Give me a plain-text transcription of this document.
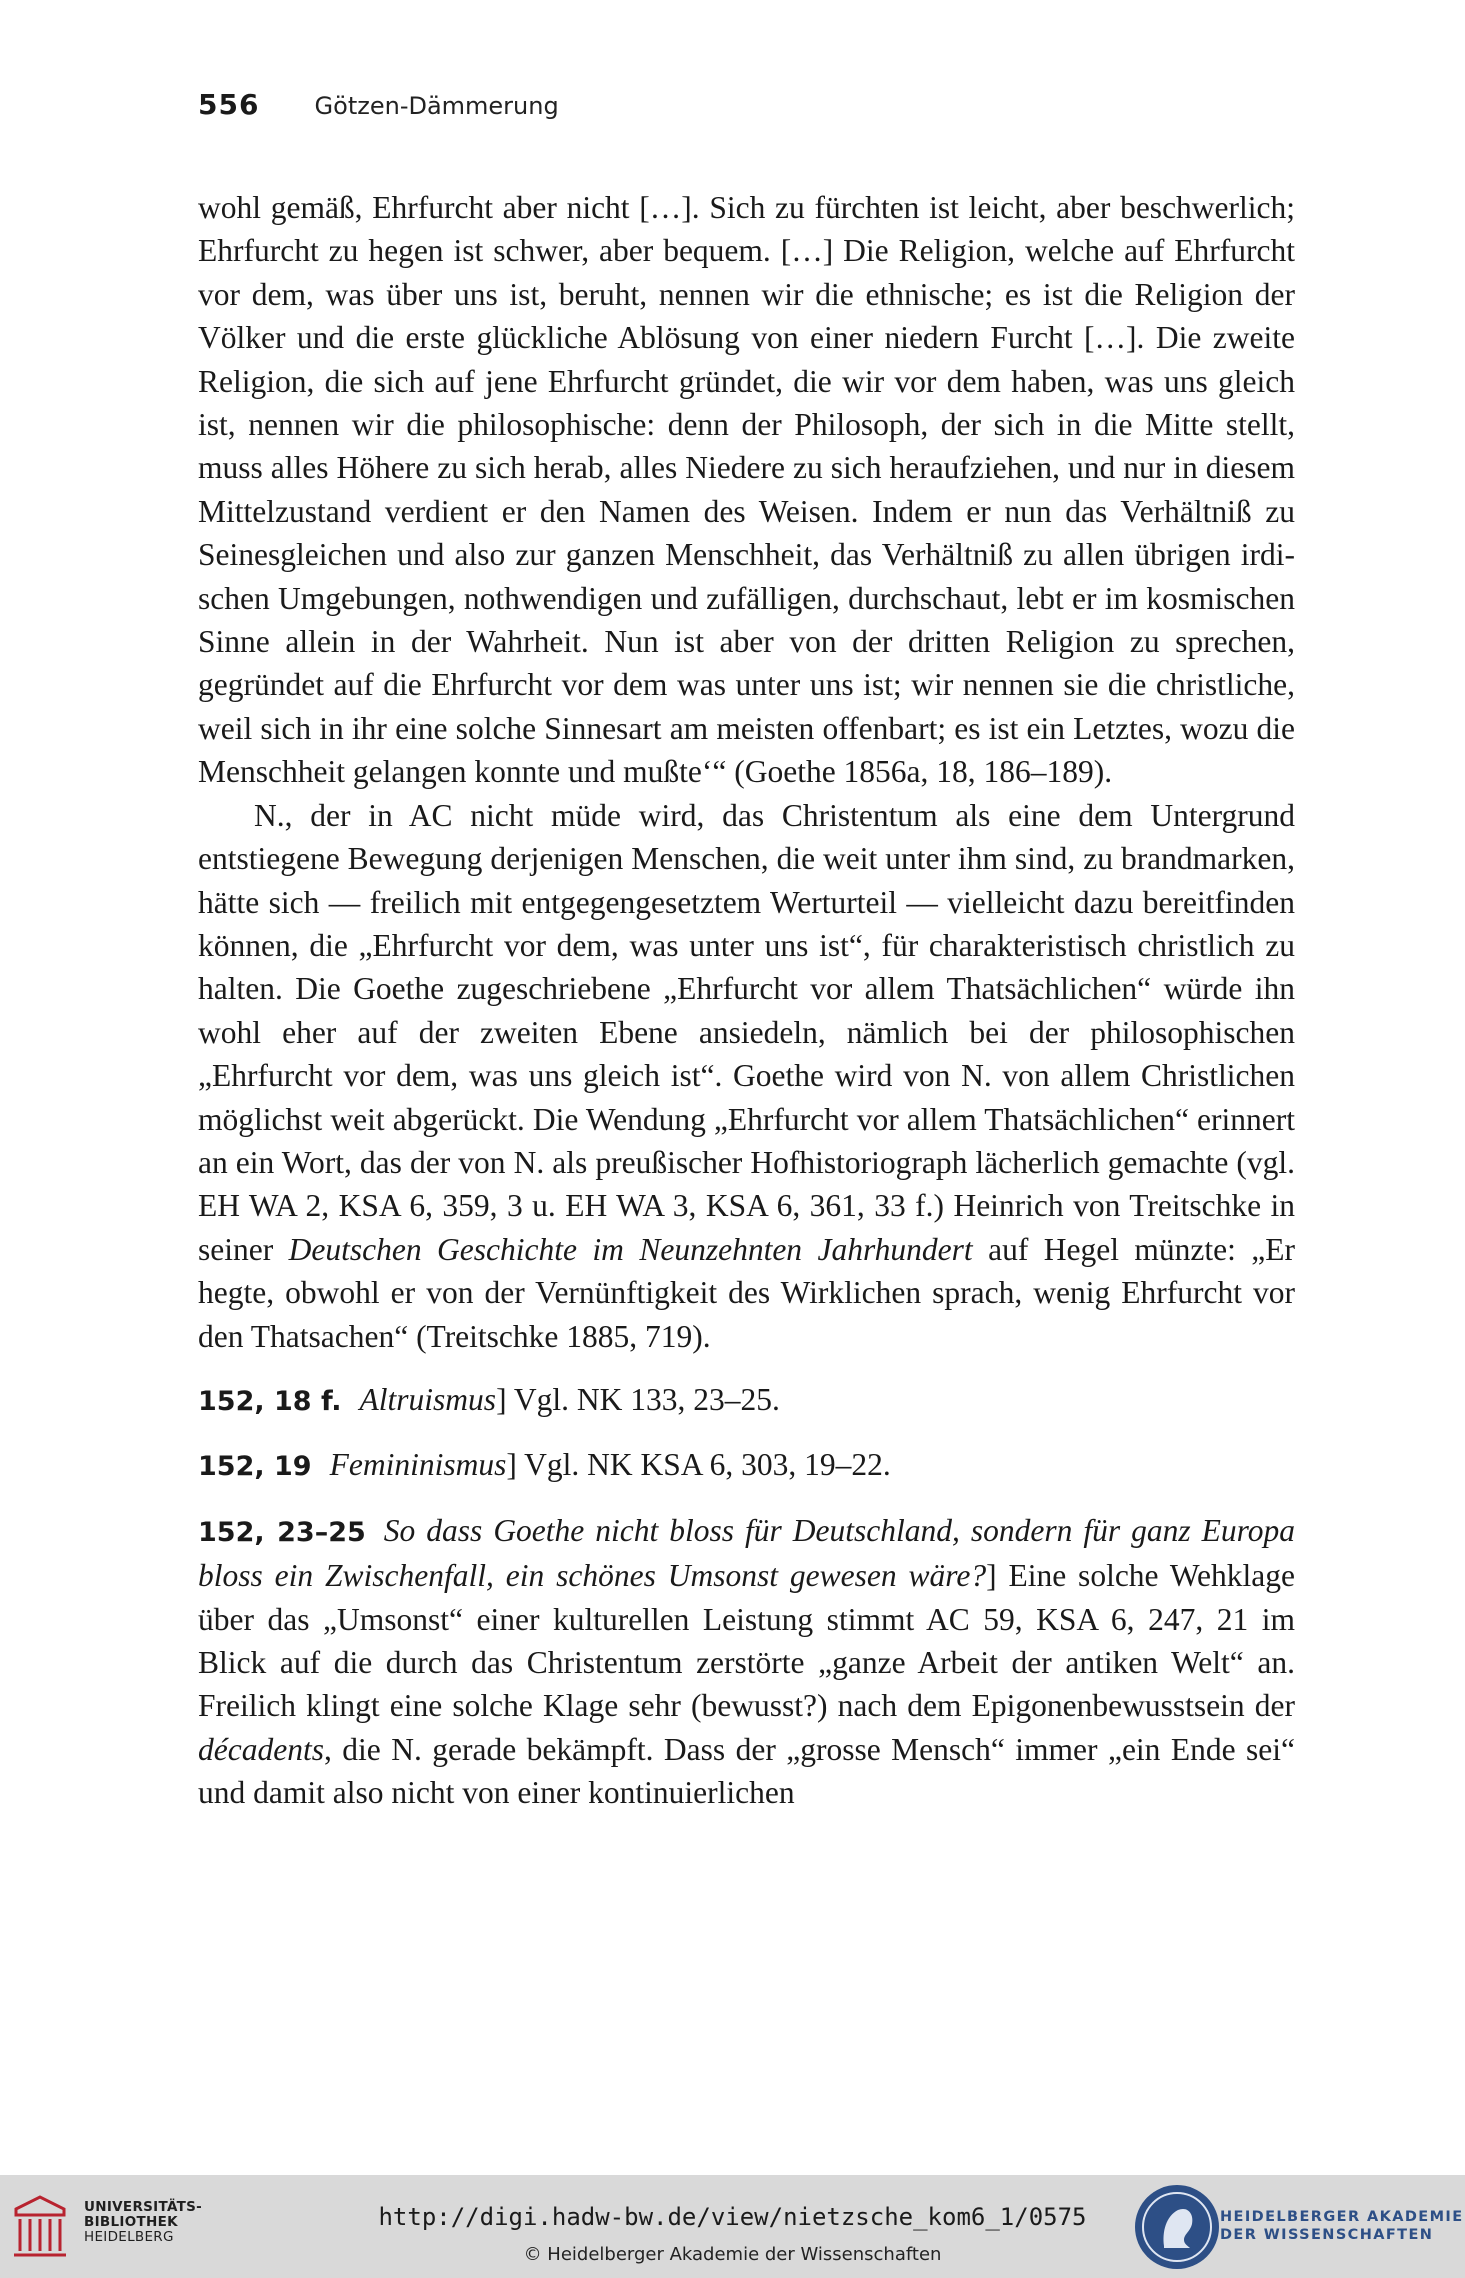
556 Götzen-Dämmerung

wohl gemäß, Ehrfurcht aber nicht […]. Sich zu fürchten ist leicht, aber beschwerlich; Ehrfurcht zu hegen ist schwer, aber bequem. […] Die Religion, welche auf Ehrfurcht vor dem, was über uns ist, beruht, nennen wir die ethnische; es ist die Religion der Völker und die erste glückliche Ablösung von einer niedern Furcht […]. Die zweite Religion, die sich auf jene Ehrfurcht gründet, die wir vor dem haben, was uns gleich ist, nennen wir die philosophische: denn der Philosoph, der sich in die Mitte stellt, muss alles Höhere zu sich herab, alles Niedere zu sich heraufziehen, und nur in diesem Mittelzustand verdient er den Namen des Weisen. Indem er nun das Verhältniß zu Seinesgleichen und also zur ganzen Menschheit, das Verhältniß zu allen übrigen irdischen Umgebungen, nothwendigen und zufälligen, durchschaut, lebt er im kosmischen Sinne allein in der Wahrheit. Nun ist aber von der dritten Religion zu sprechen, gegründet auf die Ehrfurcht vor dem was unter uns ist; wir nennen sie die christliche, weil sich in ihr eine solche Sinnesart am meisten offenbart; es ist ein Letztes, wozu die Menschheit gelangen konnte und mußte‘“ (Goethe 1856a, 18, 186–189).

N., der in AC nicht müde wird, das Christentum als eine dem Untergrund entstiegene Bewegung derjenigen Menschen, die weit unter ihm sind, zu brandmarken, hätte sich — freilich mit entgegengesetztem Werturteil — vielleicht dazu bereitfinden können, die „Ehrfurcht vor dem, was unter uns ist“, für charakteristisch christlich zu halten. Die Goethe zugeschriebene „Ehrfurcht vor allem Thatsächlichen“ würde ihn wohl eher auf der zweiten Ebene ansiedeln, nämlich bei der philosophischen „Ehrfurcht vor dem, was uns gleich ist“. Goethe wird von N. von allem Christlichen möglichst weit abgerückt. Die Wendung „Ehrfurcht vor allem Thatsächlichen“ erinnert an ein Wort, das der von N. als preußischer Hofhistoriograph lächerlich gemachte (vgl. EH WA 2, KSA 6, 359, 3 u. EH WA 3, KSA 6, 361, 33 f.) Heinrich von Treitschke in seiner Deutschen Geschichte im Neunzehnten Jahrhundert auf Hegel münzte: „Er hegte, obwohl er von der Vernünftigkeit des Wirklichen sprach, wenig Ehrfurcht vor den Thatsachen“ (Treitschke 1885, 719).

152, 18 f. Altruismus] Vgl. NK 133, 23–25.

152, 19 Femininismus] Vgl. NK KSA 6, 303, 19–22.

152, 23–25 So dass Goethe nicht bloss für Deutschland, sondern für ganz Europa bloss ein Zwischenfall, ein schönes Umsonst gewesen wäre?] Eine solche Wehklage über das „Umsonst“ einer kulturellen Leistung stimmt AC 59, KSA 6, 247, 21 im Blick auf die durch das Christentum zerstörte „ganze Arbeit der antiken Welt“ an. Freilich klingt eine solche Klage sehr (bewusst?) nach dem Epigonenbewusstsein der décadents, die N. gerade bekämpft. Dass der „grosse Mensch“ immer „ein Ende sei“ und damit also nicht von einer kontinuierlichen

UNIVERSITÄTS-
BIBLIOTHEK
HEIDELBERG
http://digi.hadw-bw.de/view/nietzsche_kom6_1/0575
© Heidelberger Akademie der Wissenschaften
HEIDELBERGER AKADEMIE
DER WISSENSCHAFTEN
